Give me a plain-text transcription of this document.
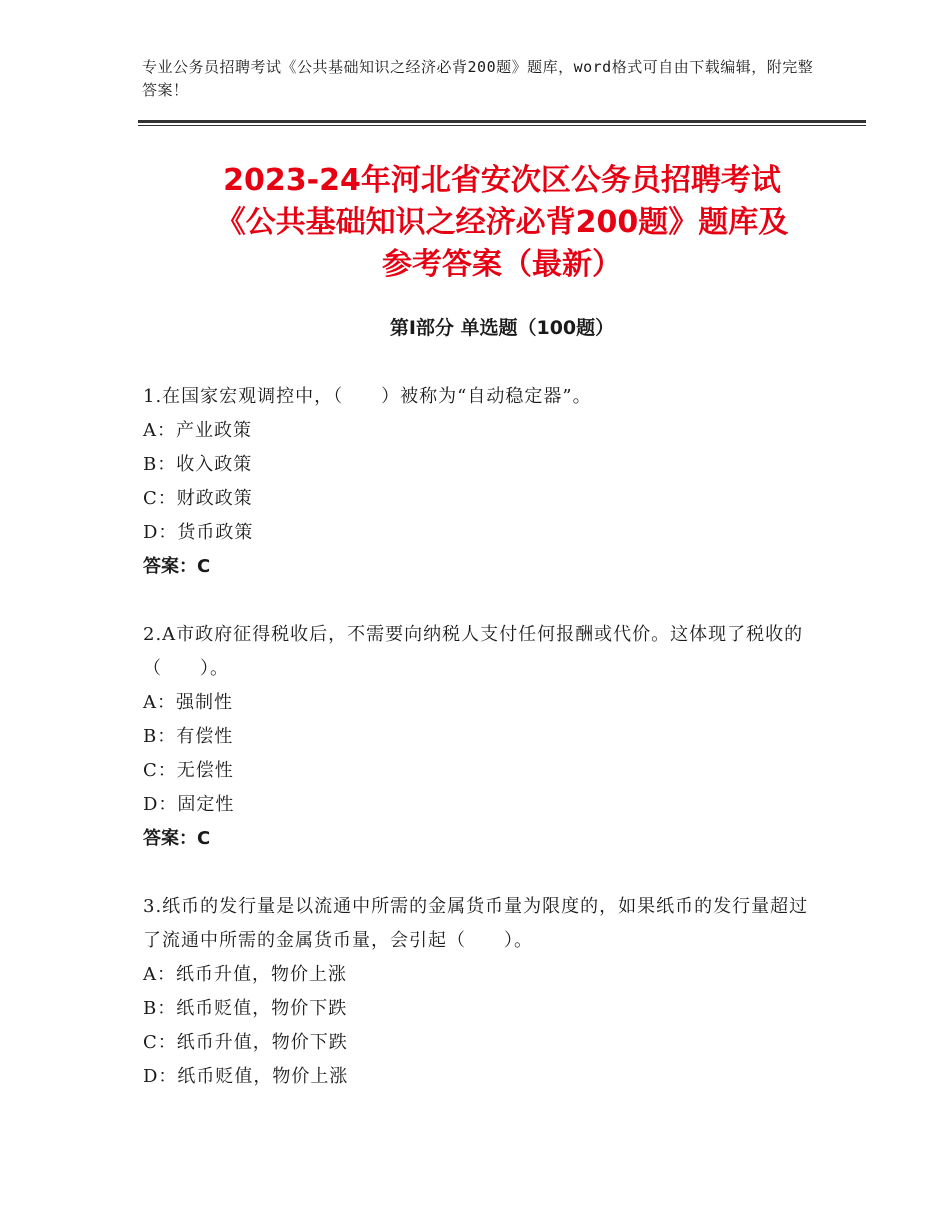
专业公务员招聘考试《公共基础知识之经济必背200题》题库，word格式可自由下载编辑，附完整答案！
2023-24年河北省安次区公务员招聘考试
《公共基础知识之经济必背200题》题库及
参考答案（最新）
第Ⅰ部分 单选题（100题）
1.在国家宏观调控中，（　　）被称为“自动稳定器”。
A：产业政策
B：收入政策
C：财政政策
D：货币政策
答案：C
2.A市政府征得税收后，不需要向纳税人支付任何报酬或代价。这体现了税收的（　　）。
A：强制性
B：有偿性
C：无偿性
D：固定性
答案：C
3.纸币的发行量是以流通中所需的金属货币量为限度的，如果纸币的发行量超过了流通中所需的金属货币量，会引起（　　）。
A：纸币升值，物价上涨
B：纸币贬值，物价下跌
C：纸币升值，物价下跌
D：纸币贬值，物价上涨
